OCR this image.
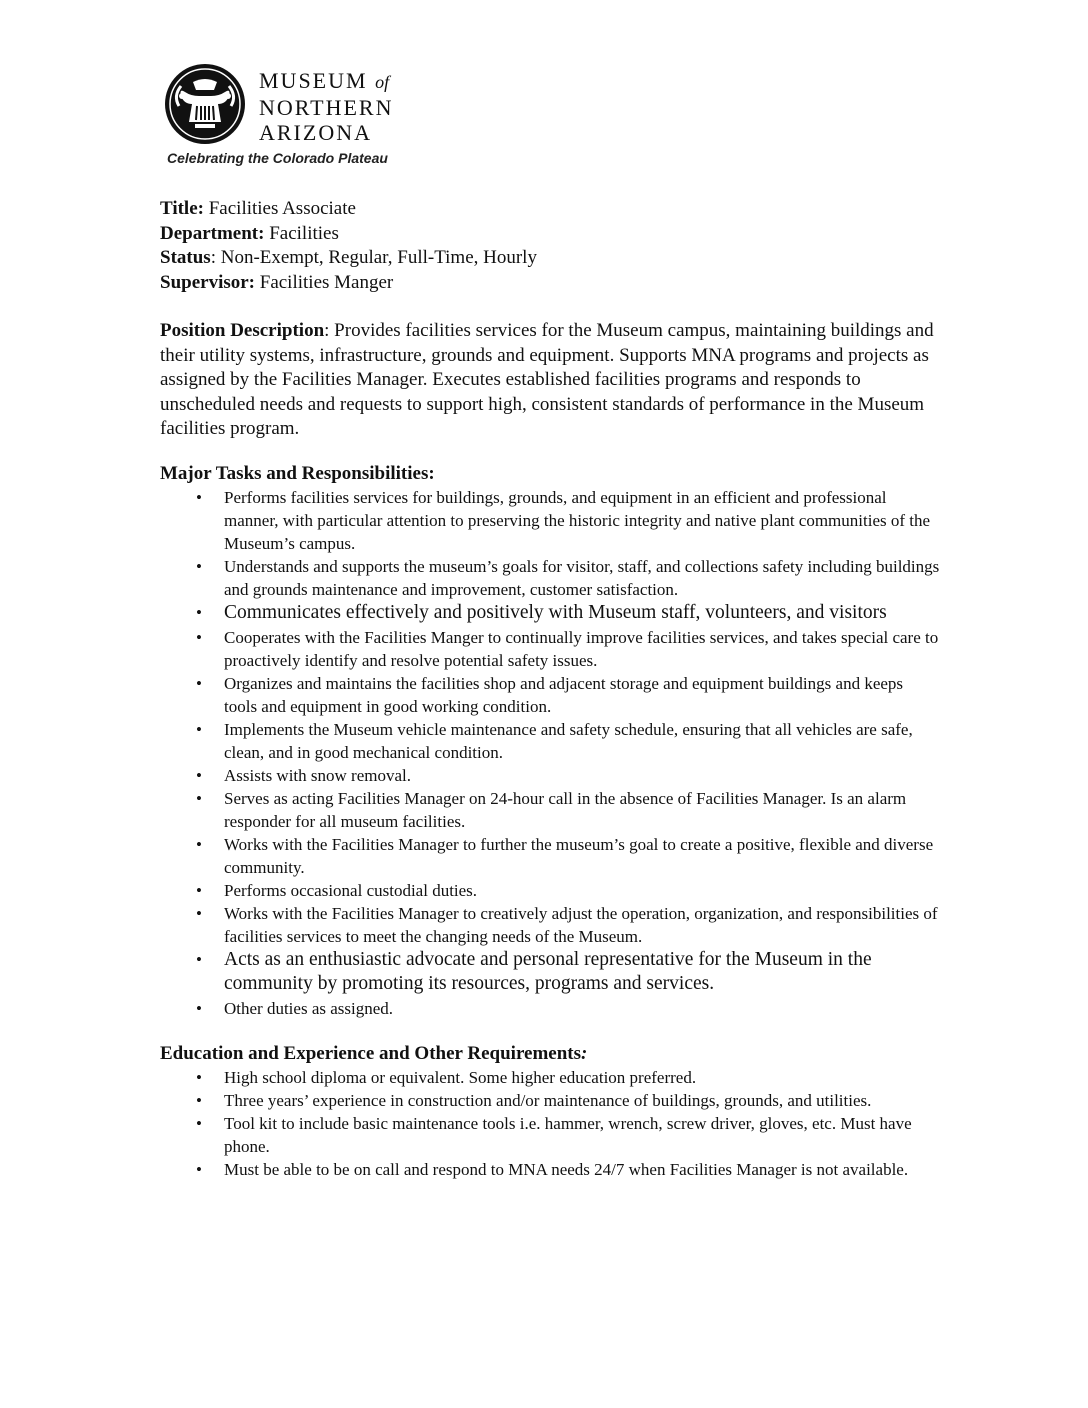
MUSEUM of
NORTHERN
ARIZONA
Celebrating the Colorado Plateau

Title: Facilities Associate

Department: Facilities

Status: Non-Exempt, Regular, Full-Time, Hourly

Supervisor: Facilities Manger

Position Description: Provides facilities services for the Museum campus, maintaining buildings and their utility systems, infrastructure, grounds and equipment. Supports MNA programs and projects as assigned by the Facilities Manager. Executes established facilities programs and responds to unscheduled needs and requests to support high, consistent standards of performance in the Museum facilities program.

Major Tasks and Responsibilities:

• Performs facilities services for buildings, grounds, and equipment in an efficient and professional manner, with particular attention to preserving the historic integrity and native plant communities of the Museum’s campus.
• Understands and supports the museum’s goals for visitor, staff, and collections safety including buildings and grounds maintenance and improvement, customer satisfaction.
• Communicates effectively and positively with Museum staff, volunteers, and visitors
• Cooperates with the Facilities Manger to continually improve facilities services, and takes special care to proactively identify and resolve potential safety issues.
• Organizes and maintains the facilities shop and adjacent storage and equipment buildings and keeps tools and equipment in good working condition.
• Implements the Museum vehicle maintenance and safety schedule, ensuring that all vehicles are safe, clean, and in good mechanical condition.
• Assists with snow removal.
• Serves as acting Facilities Manager on 24-hour call in the absence of Facilities Manager. Is an alarm responder for all museum facilities.
• Works with the Facilities Manager to further the museum’s goal to create a positive, flexible and diverse community.
• Performs occasional custodial duties.
• Works with the Facilities Manager to creatively adjust the operation, organization, and responsibilities of facilities services to meet the changing needs of the Museum.
• Acts as an enthusiastic advocate and personal representative for the Museum in the community by promoting its resources, programs and services.
• Other duties as assigned.

Education and Experience and Other Requirements:

• High school diploma or equivalent. Some higher education preferred.
• Three years’ experience in construction and/or maintenance of buildings, grounds, and utilities.
• Tool kit to include basic maintenance tools i.e. hammer, wrench, screw driver, gloves, etc. Must have phone.
• Must be able to be on call and respond to MNA needs 24/7 when Facilities Manager is not available.
